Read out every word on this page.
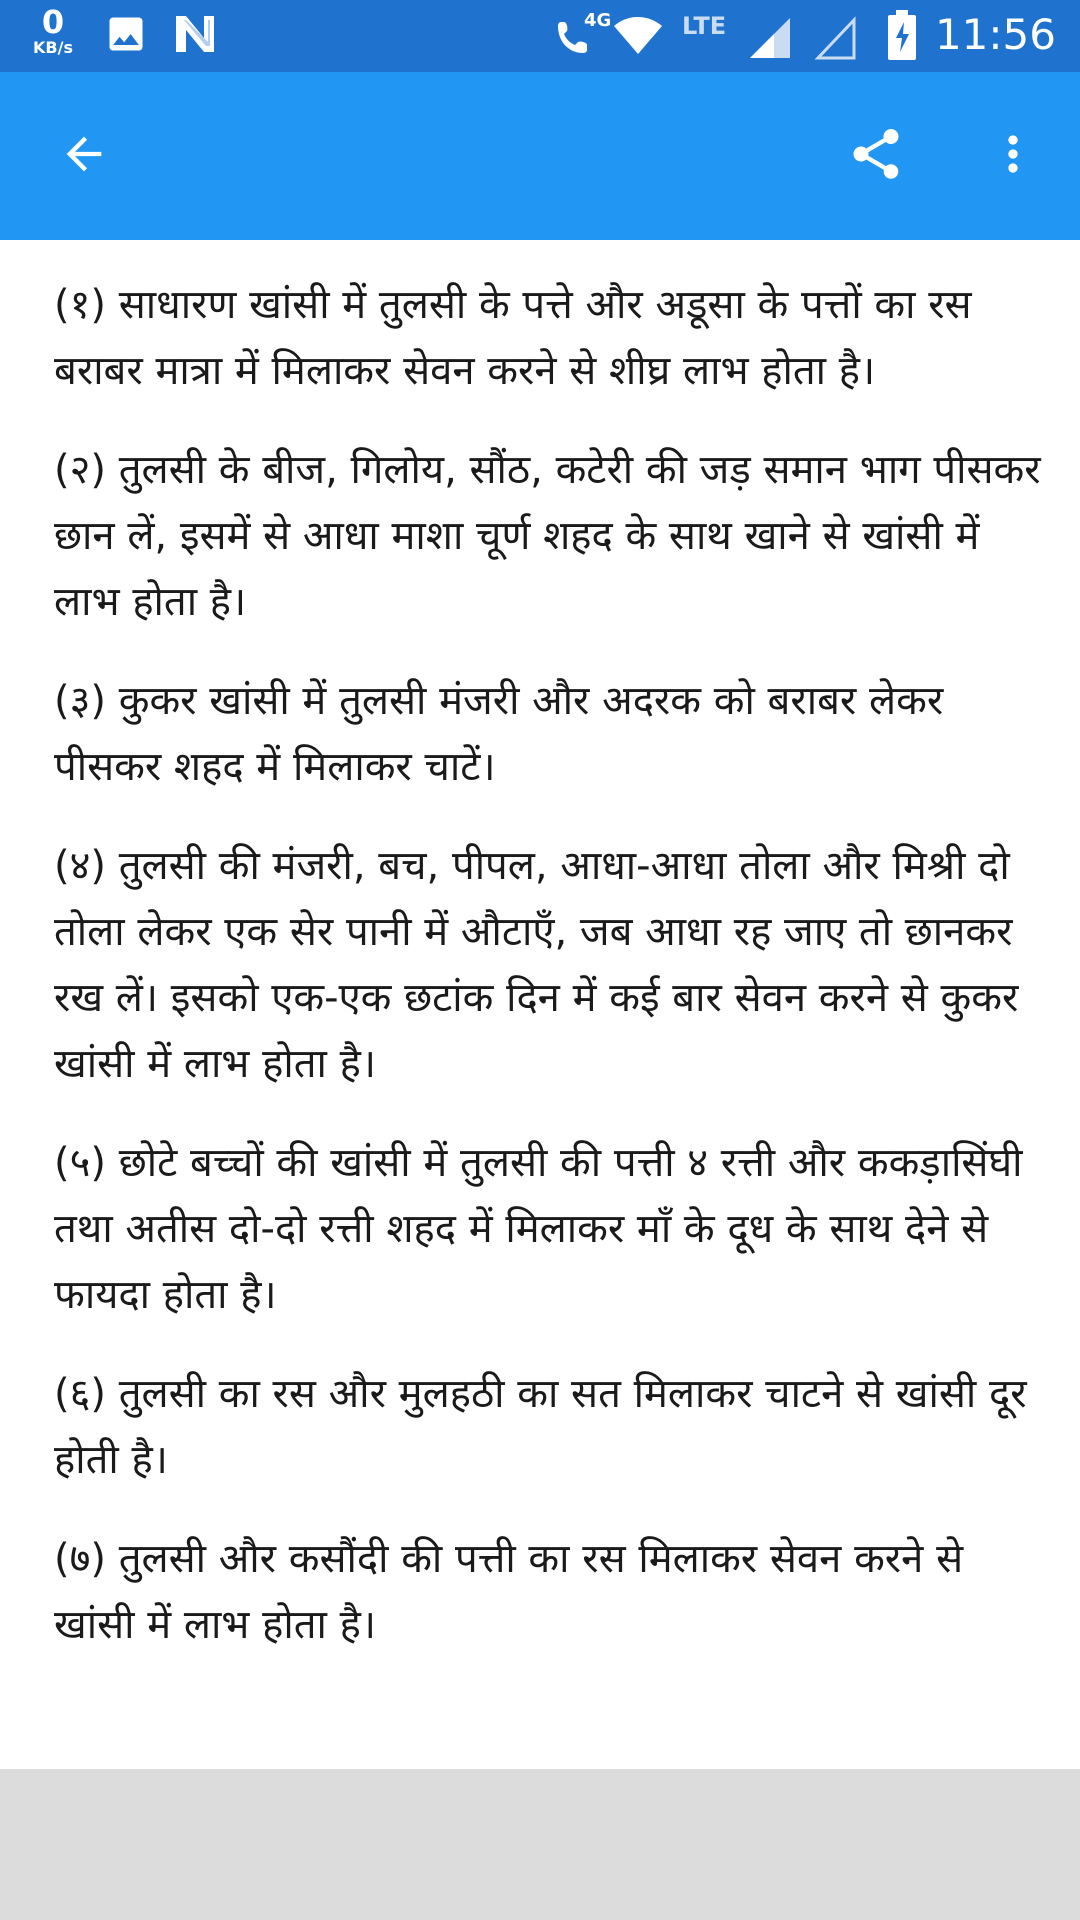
0
KB/s
4G	LTE	11:56

(१) साधारण खांसी में तुलसी के पत्ते और अडूसा के पत्तों का रस बराबर मात्रा में मिलाकर सेवन करने से शीघ्र लाभ होता है।

(२) तुलसी के बीज, गिलोय, सौंठ, कटेरी की जड़ समान भाग पीसकर छान लें, इसमें से आधा माशा चूर्ण शहद के साथ खाने से खांसी में लाभ होता है।

(३) कुकर खांसी में तुलसी मंजरी और अदरक को बराबर लेकर पीसकर शहद में मिलाकर चाटें।

(४) तुलसी की मंजरी, बच, पीपल, आधा-आधा तोला और मिश्री दो तोला लेकर एक सेर पानी में औटाएँ, जब आधा रह जाए तो छानकर रख लें। इसको एक-एक छटांक दिन में कई बार सेवन करने से कुकर खांसी में लाभ होता है।

(५) छोटे बच्चों की खांसी में तुलसी की पत्ती ४ रत्ती और ककड़ासिंघी तथा अतीस दो-दो रत्ती शहद में मिलाकर माँ के दूध के साथ देने से फायदा होता है।

(६) तुलसी का रस और मुलहठी का सत मिलाकर चाटने से खांसी दूर होती है।

(७) तुलसी और कसौंदी की पत्ती का रस मिलाकर सेवन करने से खांसी में लाभ होता है।
